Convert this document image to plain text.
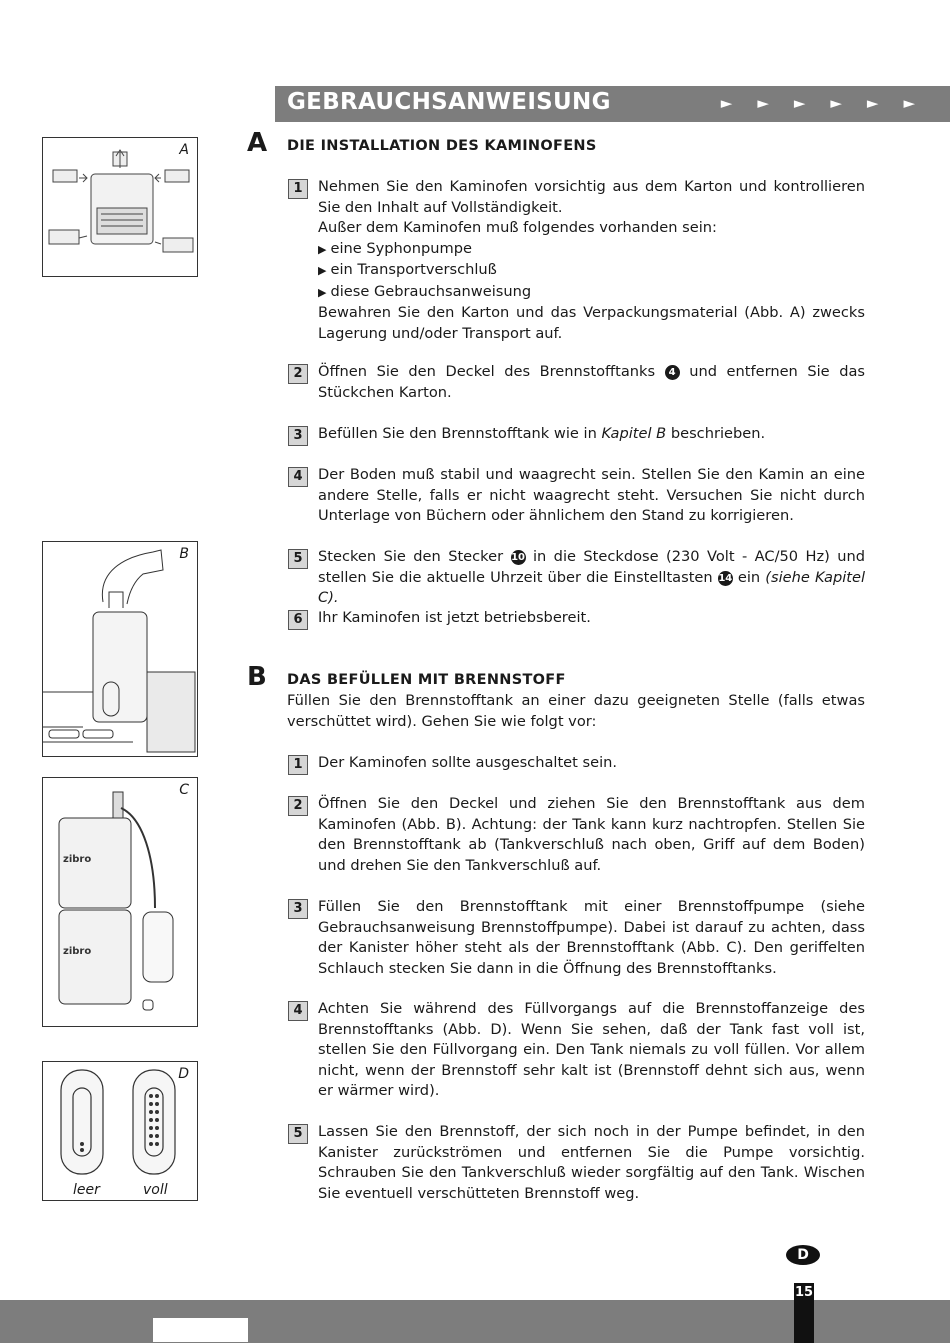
GEBRAUCHSANWEISUNG	►►►►►►
A DIE INSTALLATION DES KAMINOFENS
1	Nehmen Sie den Kaminofen vorsichtig aus dem Karton und kontrollieren Sie den Inhalt auf Vollständigkeit.
Außer dem Kaminofen muß folgendes vorhanden sein:
▶ eine Syphonpumpe
▶ ein Transportverschluß
▶ diese Gebrauchsanweisung
Bewahren Sie den Karton und das Verpackungsmaterial (Abb. A) zwecks Lagerung und/oder Transport auf.
2	Öffnen Sie den Deckel des Brennstofftanks 4 und entfernen Sie das Stückchen Karton.
3	Befüllen Sie den Brennstofftank wie in Kapitel B beschrieben.
4	Der Boden muß stabil und waagrecht sein. Stellen Sie den Kamin an eine andere Stelle, falls er nicht waagrecht steht. Versuchen Sie nicht durch Unterlage von Büchern oder ähnlichem den Stand zu korrigieren.
5	Stecken Sie den Stecker 10 in die Steckdose (230 Volt - AC/50 Hz) und stellen Sie die aktuelle Uhrzeit über die Einstelltasten 14 ein (siehe Kapitel C).
6	Ihr Kaminofen ist jetzt betriebsbereit.
B DAS BEFÜLLEN MIT BRENNSTOFF
Füllen Sie den Brennstofftank an einer dazu geeigneten Stelle (falls etwas verschüttet wird). Gehen Sie wie folgt vor:
1	Der Kaminofen sollte ausgeschaltet sein.
2	Öffnen Sie den Deckel und ziehen Sie den Brennstofftank aus dem Kaminofen (Abb. B). Achtung: der Tank kann kurz nachtropfen. Stellen Sie den Brennstofftank ab (Tankverschluß nach oben, Griff auf dem Boden) und drehen Sie den Tankverschluß auf.
3	Füllen Sie den Brennstofftank mit einer Brennstoffpumpe (siehe Gebrauchsanweisung Brennstoffpumpe). Dabei ist darauf zu achten, dass der Kanister höher steht als der Brennstofftank (Abb. C). Den geriffelten Schlauch stecken Sie dann in die Öffnung des Brennstofftanks.
4	Achten Sie während des Füllvorgangs auf die Brennstoffanzeige des Brennstofftanks (Abb. D). Wenn Sie sehen, daß der Tank fast voll ist, stellen Sie den Füllvorgang ein. Den Tank niemals zu voll füllen. Vor allem nicht, wenn der Brennstoff sehr kalt ist (Brennstoff dehnt sich aus, wenn er wärmer wird).
5	Lassen Sie den Brennstoff, der sich noch in der Pumpe befindet, in den Kanister zurückströmen und entfernen Sie die Pumpe vorsichtig. Schrauben Sie den Tankverschluß wieder sorgfältig auf den Tank. Wischen Sie eventuell verschütteten Brennstoff weg.
A
B
C
zibro
zibro
D
leer	voll
D
15
